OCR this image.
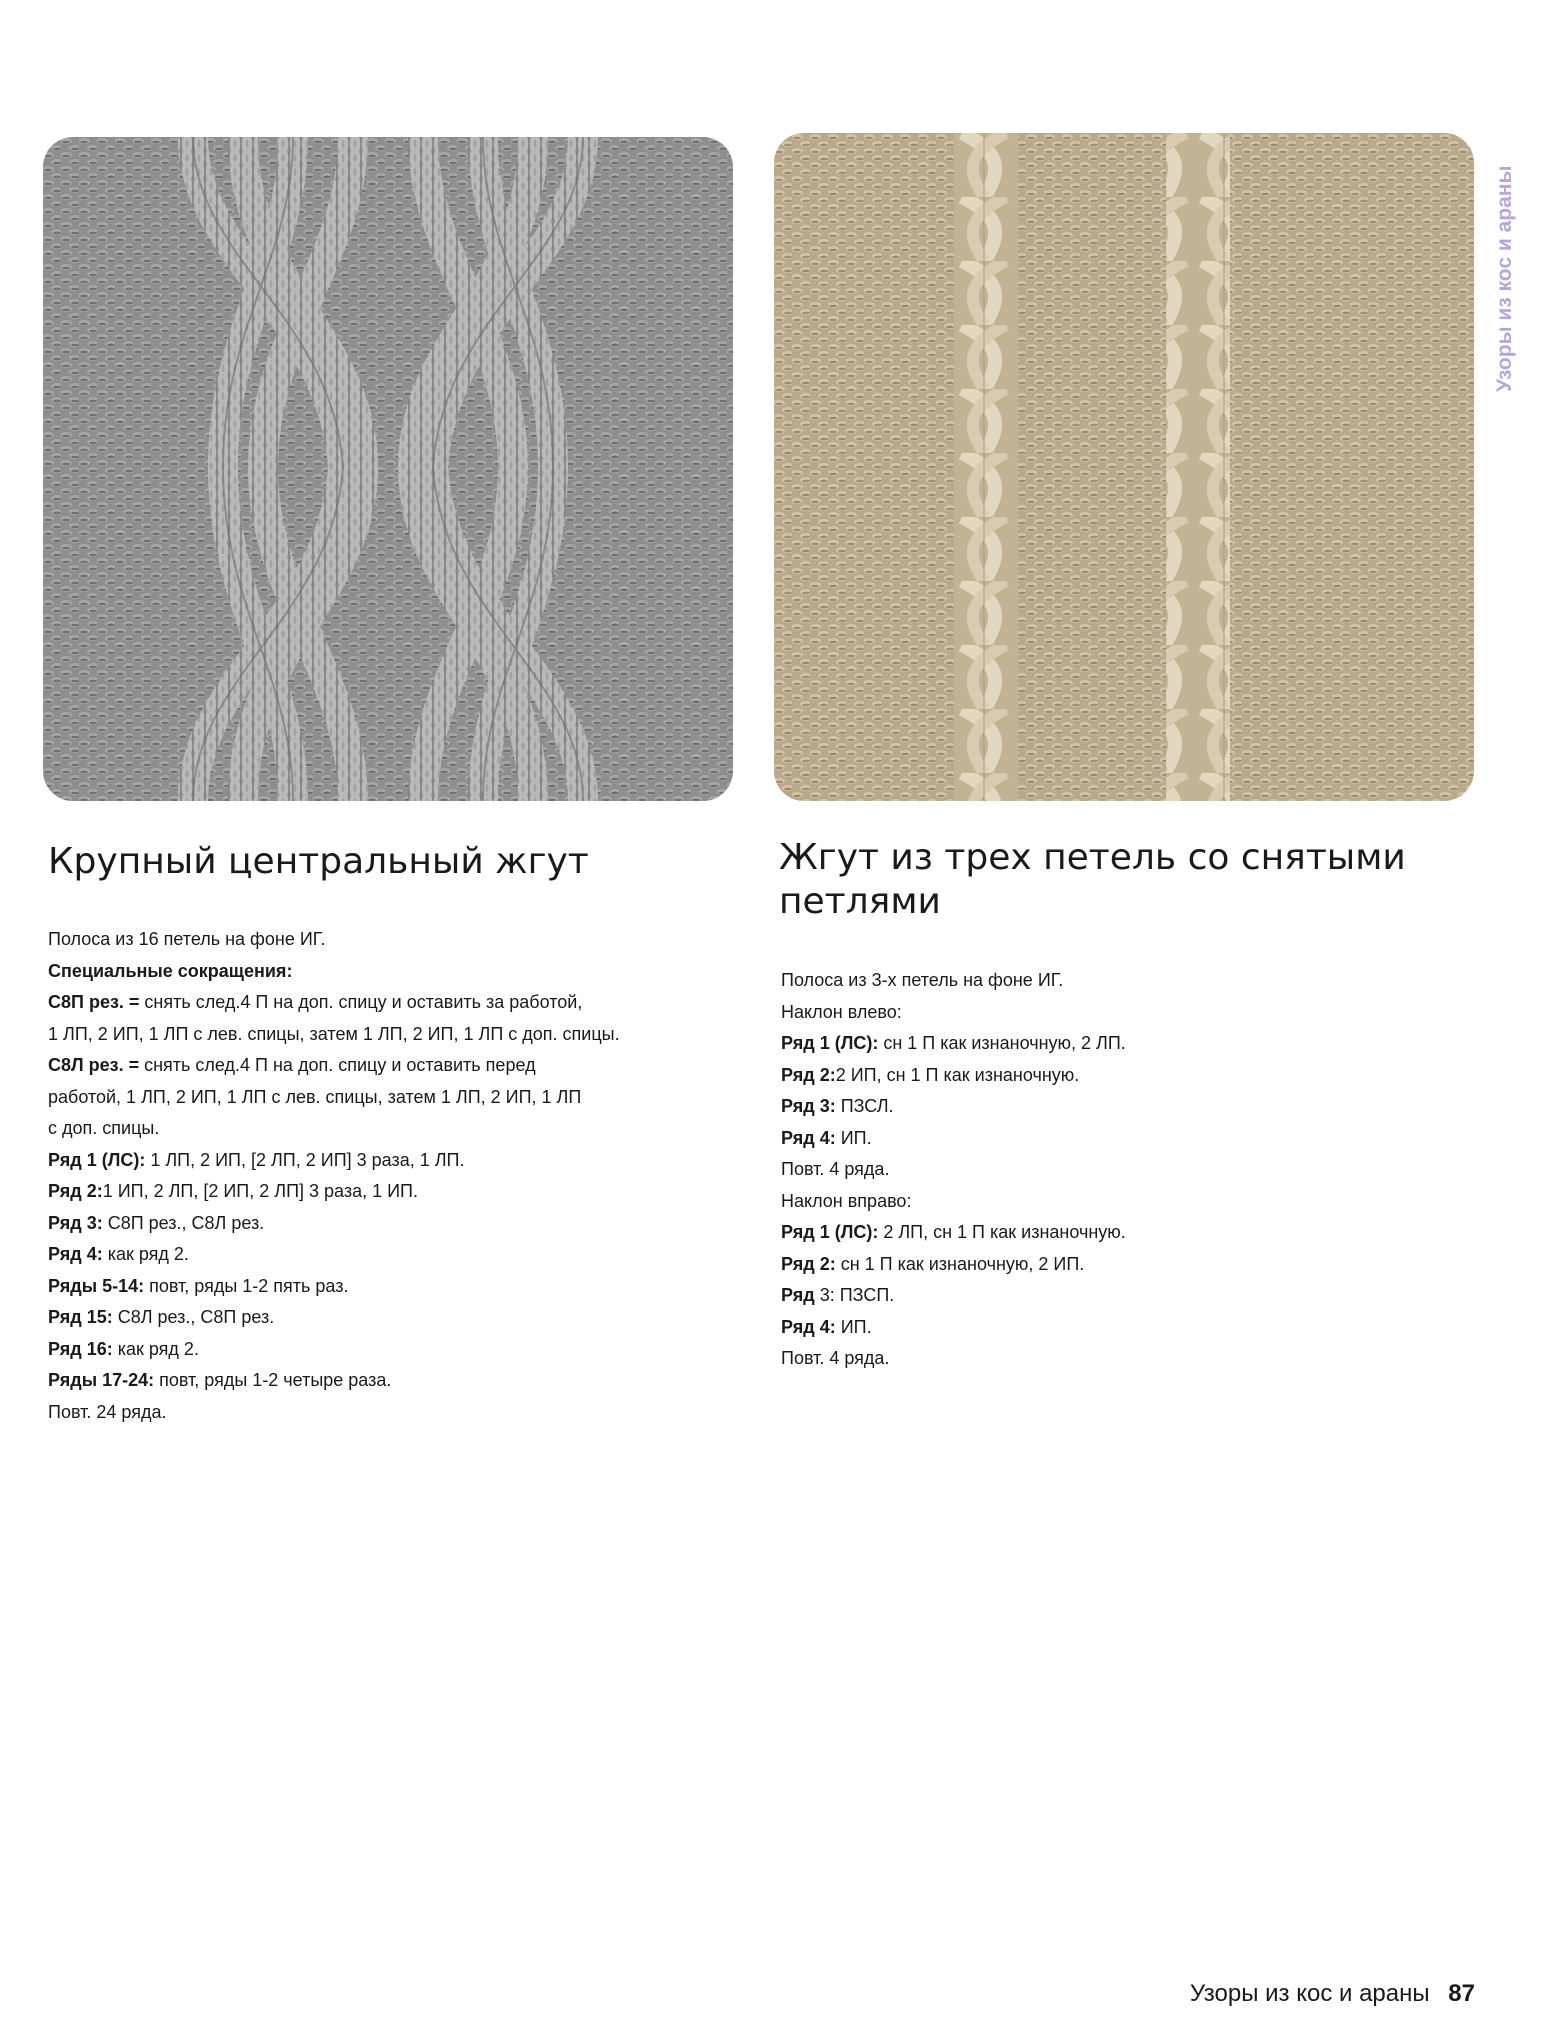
Крупный центральный жгут
Полоса из 16 петель на фоне ИГ.
Специальные сокращения:
С8П рез. = снять след.4 П на доп. спицу и оставить за работой,
1 ЛП, 2 ИП, 1 ЛП с лев. спицы, затем 1 ЛП, 2 ИП, 1 ЛП с доп. спицы.
С8Л рез. = снять след.4 П на доп. спицу и оставить перед
работой, 1 ЛП, 2 ИП, 1 ЛП с лев. спицы, затем 1 ЛП, 2 ИП, 1 ЛП
с доп. спицы.
Ряд 1 (ЛС): 1 ЛП, 2 ИП, [2 ЛП, 2 ИП] 3 раза, 1 ЛП.
Ряд 2:1 ИП, 2 ЛП, [2 ИП, 2 ЛП] 3 раза, 1 ИП.
Ряд 3: С8П рез., С8Л рез.
Ряд 4: как ряд 2.
Ряды 5-14: повт, ряды 1-2 пять раз.
Ряд 15: С8Л рез., С8П рез.
Ряд 16: как ряд 2.
Ряды 17-24: повт, ряды 1-2 четыре раза.
Повт. 24 ряда.
Жгут из трех петель со снятыми петлями
Полоса из 3-х петель на фоне ИГ.
Наклон влево:
Ряд 1 (ЛС): сн 1 П как изнаночную, 2 ЛП.
Ряд 2:2 ИП, сн 1 П как изнаночную.
Ряд 3: ПЗСЛ.
Ряд 4: ИП.
Повт. 4 ряда.
Наклон вправо:
Ряд 1 (ЛС): 2 ЛП, сн 1 П как изнаночную.
Ряд 2: сн 1 П как изнаночную, 2 ИП.
Ряд 3: ПЗСП.
Ряд 4: ИП.
Повт. 4 ряда.
Узоры из кос и араны
Узоры из кос и араны 87
